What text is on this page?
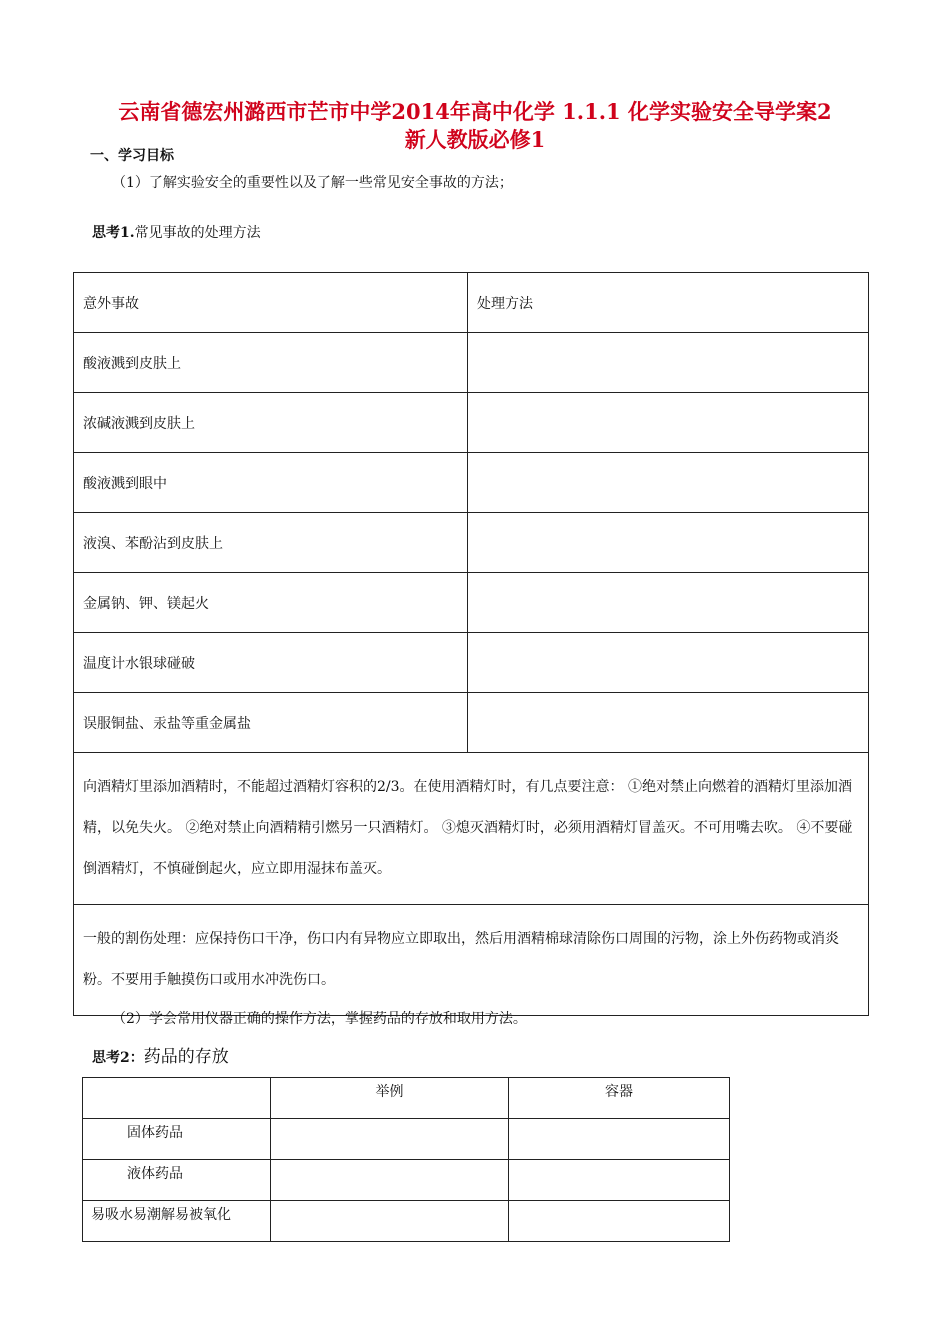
云南省德宏州潞西市芒市中学2014年高中化学 1.1.1 化学实验安全导学案2
新人教版必修1
一、学习目标
（1）了解实验安全的重要性以及了解一些常见安全事故的方法；
思考1.常见事故的处理方法
意外事故	处理方法
酸液溅到皮肤上	
浓碱液溅到皮肤上	
酸液溅到眼中	
液溴、苯酚沾到皮肤上	
金属钠、钾、镁起火	
温度计水银球碰破	
误服铜盐、汞盐等重金属盐	
向酒精灯里添加酒精时，不能超过酒精灯容积的2/3。在使用酒精灯时，有几点要注意： ①绝对禁止向燃着的酒精灯里添加酒精，以免失火。 ②绝对禁止向酒精精引燃另一只酒精灯。 ③熄灭酒精灯时，必须用酒精灯冒盖灭。不可用嘴去吹。 ④不要碰倒酒精灯，不慎碰倒起火，应立即用湿抹布盖灭。	
一般的割伤处理：应保持伤口干净，伤口内有异物应立即取出，然后用酒精棉球清除伤口周围的污物，涂上外伤药物或消炎粉。不要用手触摸伤口或用水冲洗伤口。	
（2）学会常用仪器正确的操作方法，掌握药品的存放和取用方法。
思考2：药品的存放
	举例	容器
固体药品		
液体药品		
易吸水易潮解易被氧化		
